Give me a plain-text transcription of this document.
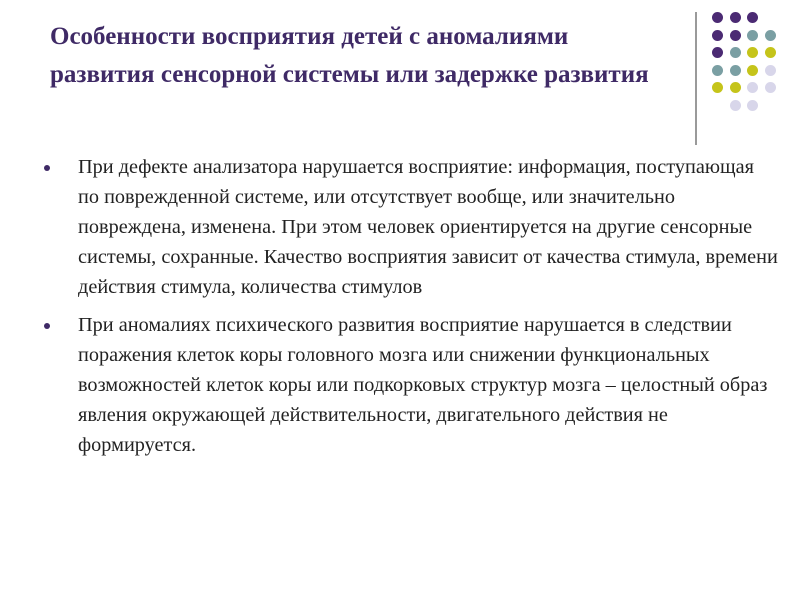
Особенности восприятия детей с аномалиями развития сенсорной системы или задержке развития
При дефекте анализатора нарушается восприятие: информация, поступающая по поврежденной системе, или отсутствует вообще, или значительно повреждена, изменена. При этом человек ориентируется на другие сенсорные системы, сохранные. Качество восприятия зависит от качества стимула, времени действия стимула, количества стимулов
При аномалиях психического развития восприятие нарушается в следствии поражения клеток коры головного мозга или снижении функциональных возможностей клеток коры или подкорковых структур мозга – целостный образ явления окружающей действительности, двигательного действия не формируется.
